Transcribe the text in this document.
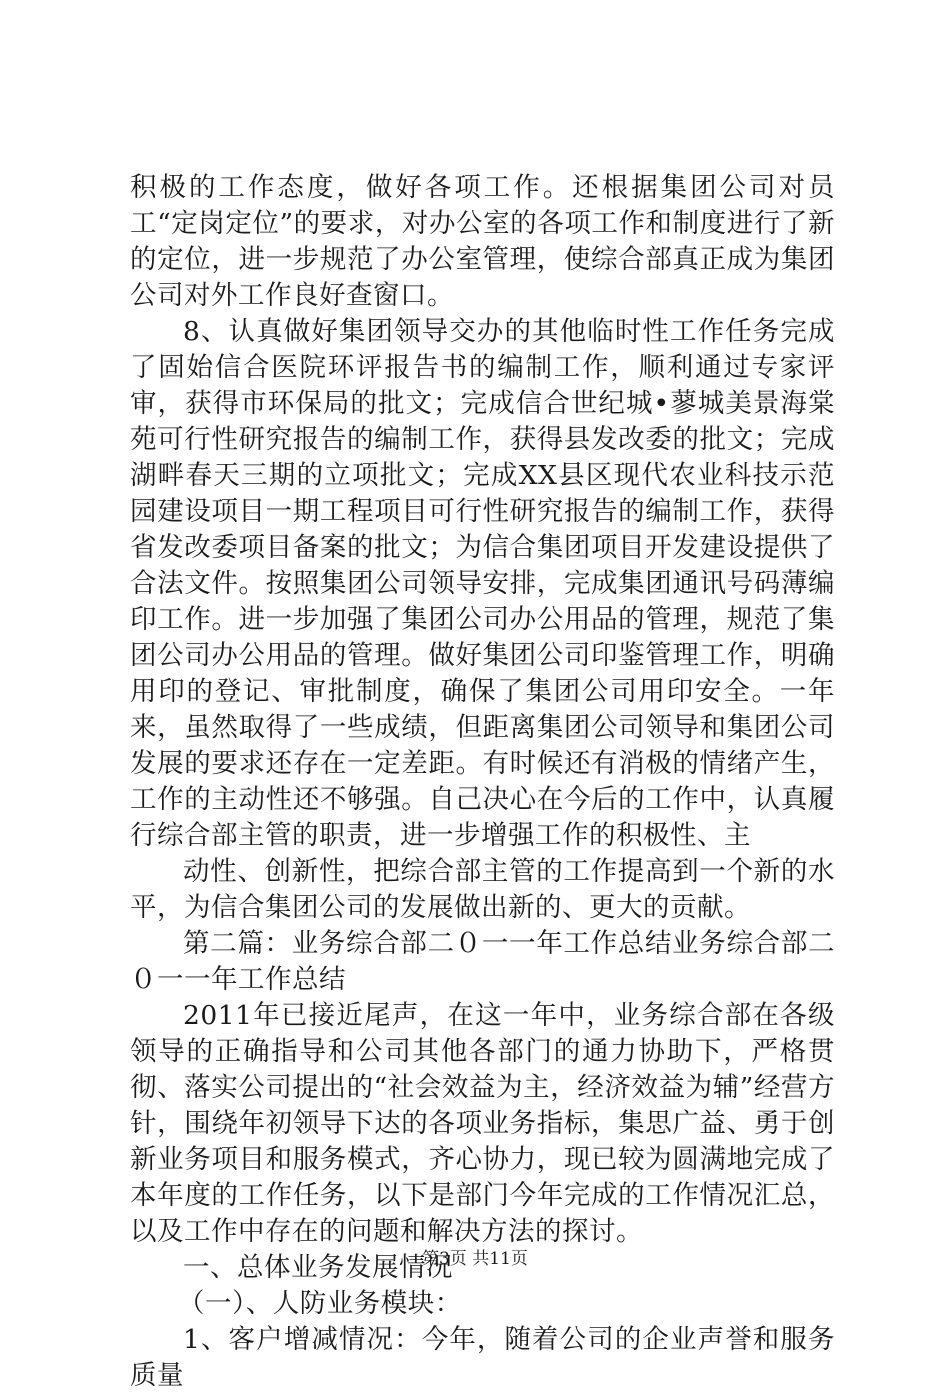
积极的工作态度，做好各项工作。还根据集团公司对员工“定岗定位”的要求，对办公室的各项工作和制度进行了新的定位，进一步规范了办公室管理，使综合部真正成为集团公司对外工作良好查窗口。

8、认真做好集团领导交办的其他临时性工作任务完成了固始信合医院环评报告书的编制工作，顺利通过专家评审，获得市环保局的批文；完成信合世纪城•蓼城美景海棠苑可行性研究报告的编制工作，获得县发改委的批文；完成湖畔春天三期的立项批文；完成XX县区现代农业科技示范园建设项目一期工程项目可行性研究报告的编制工作，获得省发改委项目备案的批文；为信合集团项目开发建设提供了合法文件。按照集团公司领导安排，完成集团通讯号码薄编印工作。进一步加强了集团公司办公用品的管理，规范了集团公司办公用品的管理。做好集团公司印鉴管理工作，明确用印的登记、审批制度，确保了集团公司用印安全。一年来，虽然取得了一些成绩，但距离集团公司领导和集团公司发展的要求还存在一定差距。有时候还有消极的情绪产生，工作的主动性还不够强。自己决心在今后的工作中，认真履行综合部主管的职责，进一步增强工作的积极性、主

动性、创新性，把综合部主管的工作提高到一个新的水平，为信合集团公司的发展做出新的、更大的贡献。

第二篇：业务综合部二０一一年工作总结业务综合部二０一一年工作总结

2011年已接近尾声，在这一年中，业务综合部在各级领导的正确指导和公司其他各部门的通力协助下，严格贯彻、落实公司提出的“社会效益为主，经济效益为辅”经营方针，围绕年初领导下达的各项业务指标，集思广益、勇于创新业务项目和服务模式，齐心协力，现已较为圆满地完成了本年度的工作任务，以下是部门今年完成的工作情况汇总，以及工作中存在的问题和解决方法的探讨。

一、总体业务发展情况

（一）、人防业务模块：

1、客户增减情况：今年，随着公司的企业声誉和服务质量

第3页 共11页
